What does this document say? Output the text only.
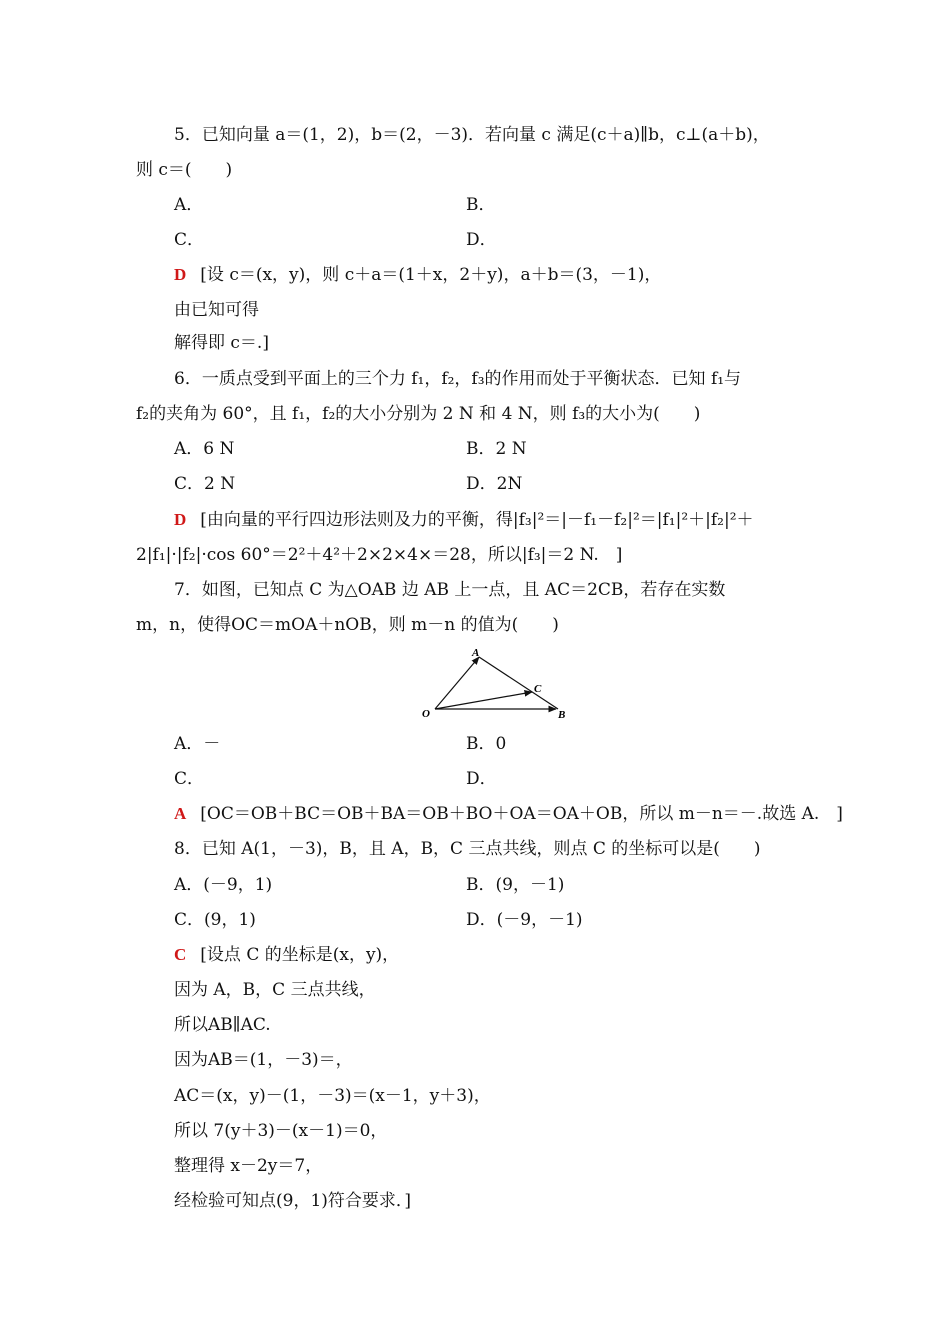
5．已知向量 a＝(1，2)，b＝(2，－3)．若向量 c 满足(c＋a)∥b，c⊥(a＋b)，
则 c＝(　　)
A．	B．
C．	D．
D [设 c＝(x，y)，则 c＋a＝(1＋x，2＋y)，a＋b＝(3，－1)，
由已知可得
解得即 c＝.]
6．一质点受到平面上的三个力 f₁，f₂，f₃的作用而处于平衡状态．已知 f₁与
f₂的夹角为 60°，且 f₁，f₂的大小分别为 2 N 和 4 N，则 f₃的大小为(　　)
A．6 N	B．2 N
C．2 N	D．2N
D [由向量的平行四边形法则及力的平衡，得|f₃|²＝|－f₁－f₂|²＝|f₁|²＋|f₂|²＋
2|f₁|·|f₂|·cos 60°＝2²＋4²＋2×2×4×＝28，所以|f₃|＝2 N.　]
7．如图，已知点 C 为△OAB 边 AB 上一点，且 AC＝2CB，若存在实数
m，n，使得OC＝mOA＋nOB，则 m－n 的值为(　　)
A
O	B
C
A．－	B．0
C．	D．
A [OC＝OB＋BC＝OB＋BA＝OB＋BO＋OA＝OA＋OB，所以 m－n＝－.故选 A.　]
8．已知 A(1，－3)，B，且 A，B，C 三点共线，则点 C 的坐标可以是(　　)
A．(－9，1)	B．(9，－1)
C．(9，1)	D．(－9，－1)
C [设点 C 的坐标是(x，y)，
因为 A，B，C 三点共线，
所以AB∥AC.
因为AB＝(1，－3)＝，
AC＝(x，y)－(1，－3)＝(x－1，y＋3)，
所以 7(y＋3)－(x－1)＝0，
整理得 x－2y＝7，
经检验可知点(9，1)符合要求．]
